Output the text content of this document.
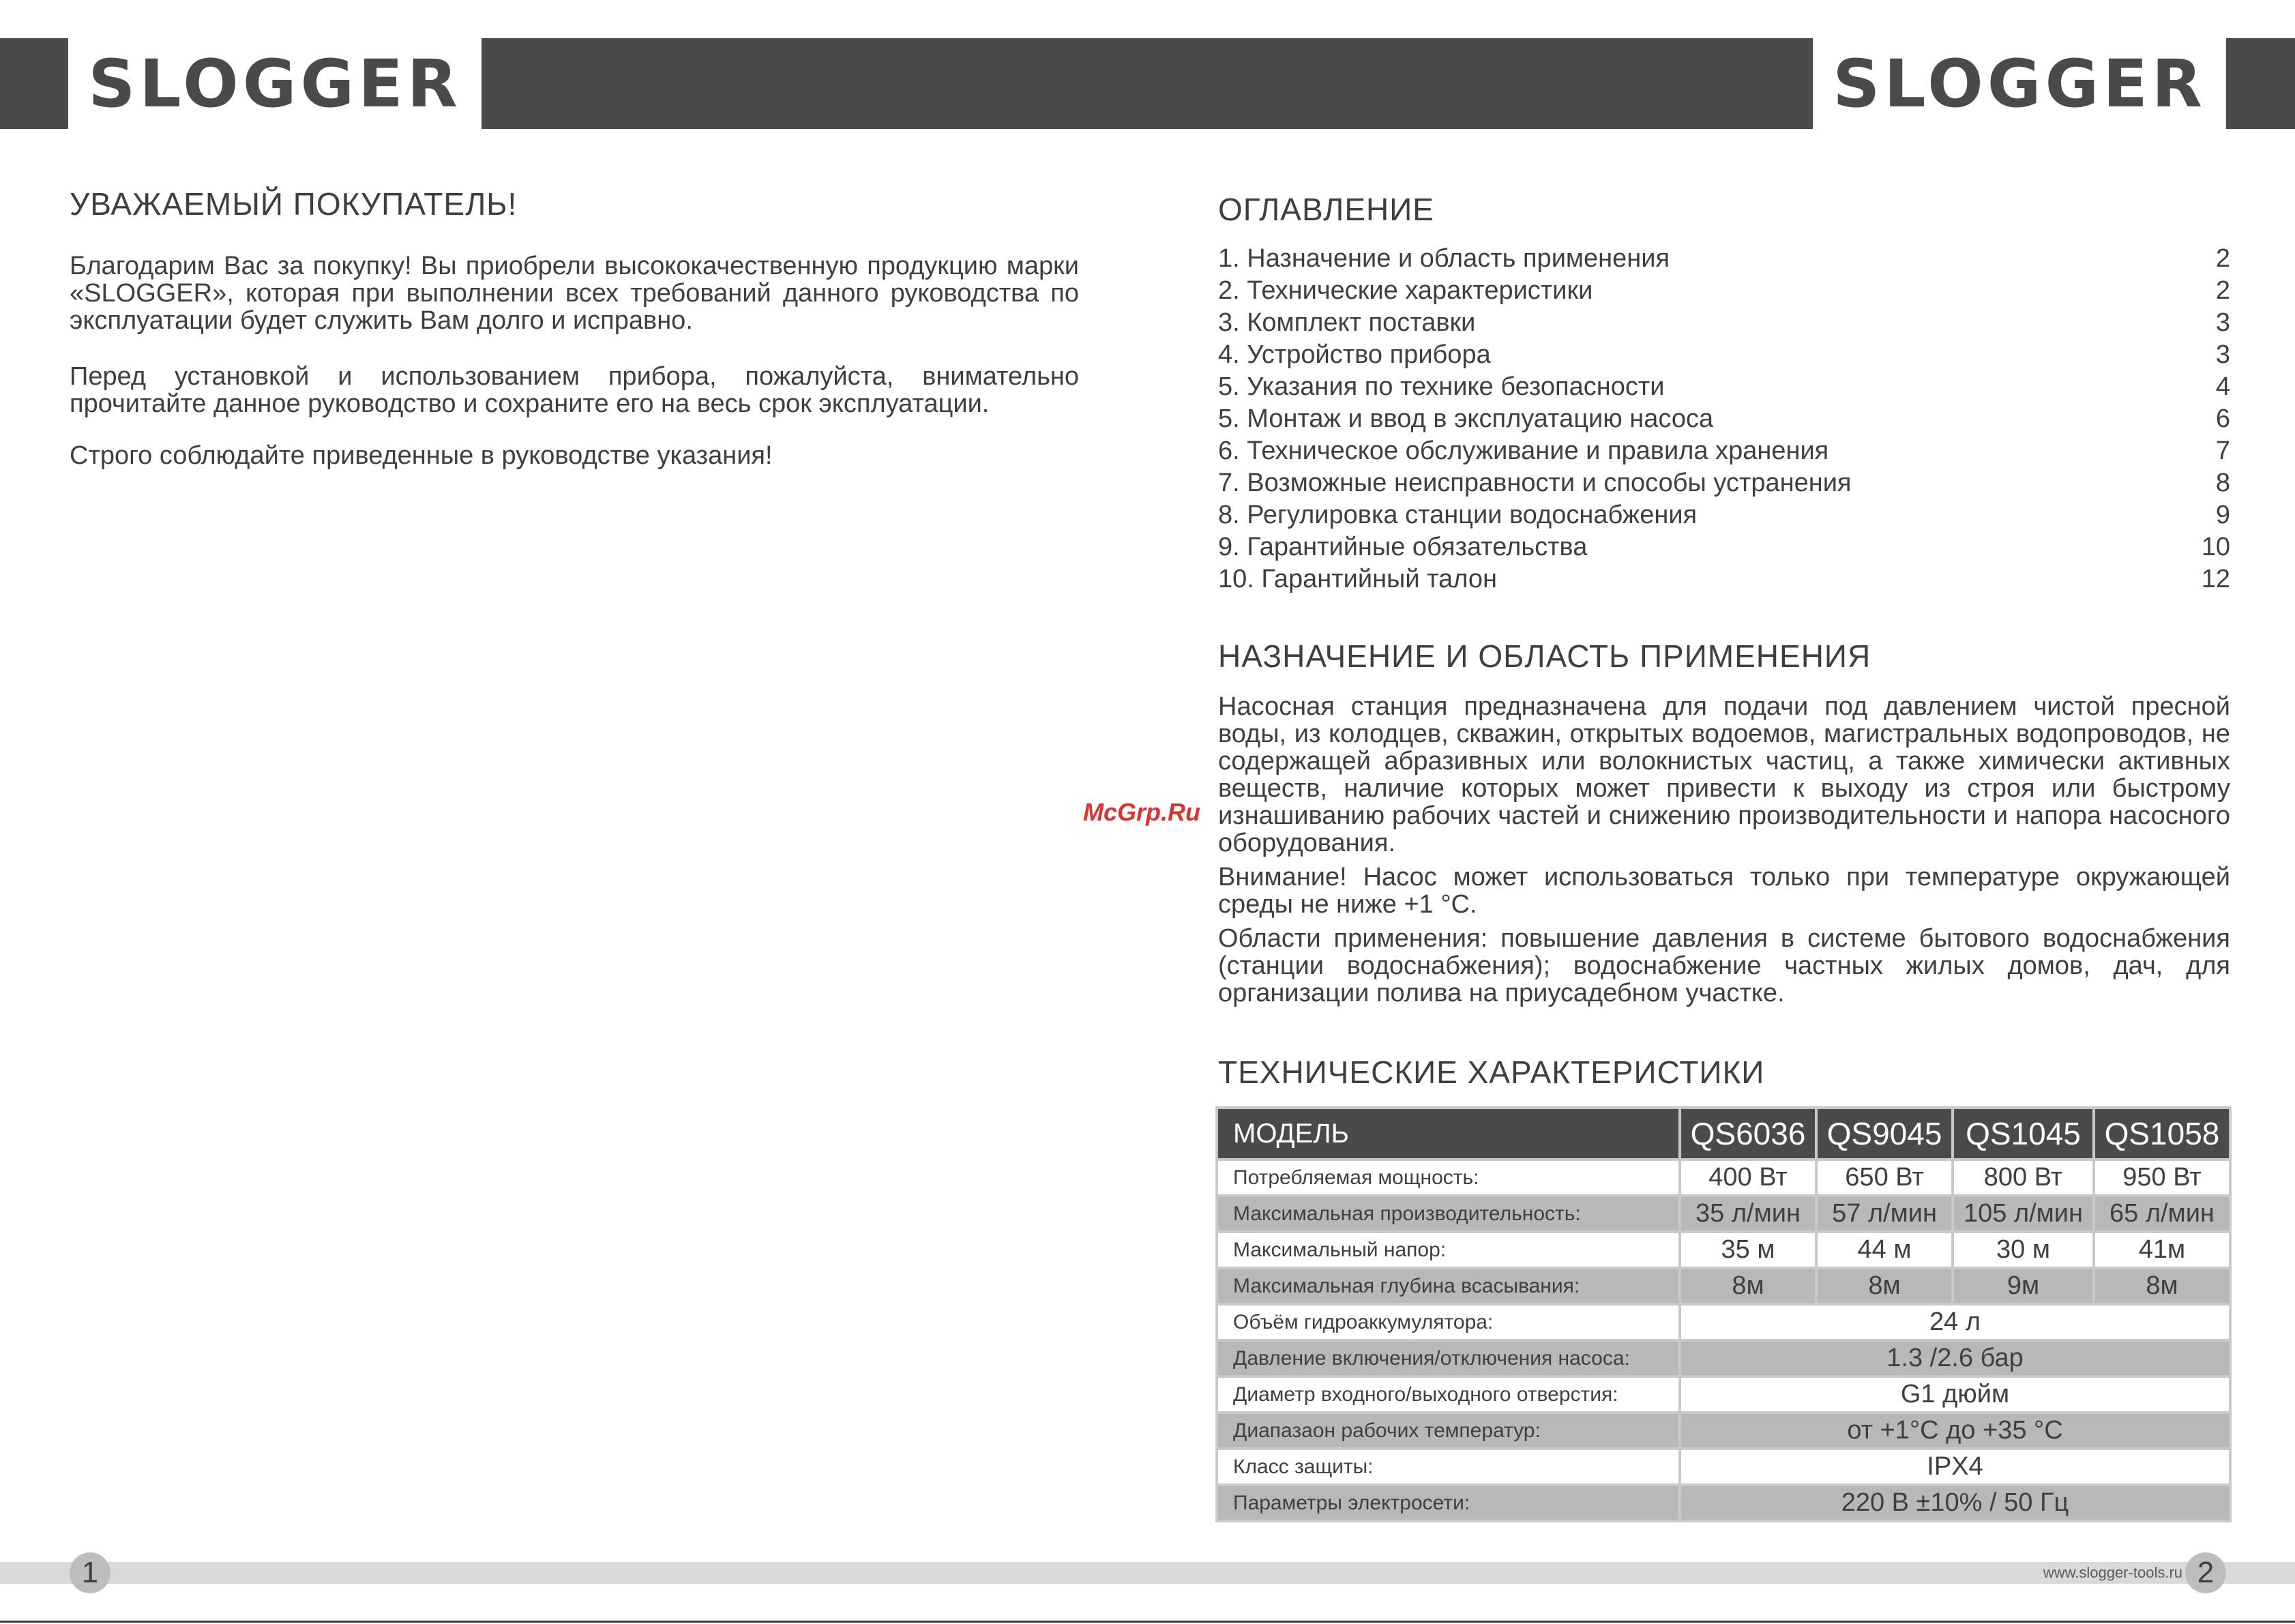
SLOGGER	SLOGGER
УВАЖАЕМЫЙ ПОКУПАТЕЛЬ!

Благодарим Вас за покупку! Вы приобрели высококачественную продукцию марки «SLOGGER», которая при выполнении всех требований данного руководства по эксплуатации будет служить Вам долго и исправно.

Перед установкой и использованием прибора, пожалуйста, внимательно прочитайте данное руководство и сохраните его на весь срок эксплуатации.

Строго соблюдайте приведенные в руководстве указания!

ОГЛАВЛЕНИЕ
1. Назначение и область применения	2
2. Технические характеристики	2
3. Комплект поставки	3
4. Устройство прибора	3
5. Указания по технике безопасности	4
5. Монтаж и ввод в эксплуатацию насоса	6
6. Техническое обслуживание и правила хранения	7
7. Возможные неисправности и способы устранения	8
8. Регулировка станции водоснабжения	9
9. Гарантийные обязательства	10
10. Гарантийный талон	12
НАЗНАЧЕНИЕ И ОБЛАСТЬ ПРИМЕНЕНИЯ

Насосная станция предназначена для подачи под давлением чистой пресной воды, из колодцев, скважин, открытых водоемов, магистральных водопроводов, не содержащей абразивных или волокнистых частиц, а также химически активных веществ, наличие которых может привести к выходу из строя или быстрому изнашиванию рабочих частей и снижению производительности и напора насосного оборудования.

Внимание! Насос может использоваться только при температуре окружающей среды не ниже +1 °С.

Области применения: повышение давления в системе бытового водоснабжения (станции водоснабжения); водоснабжение частных жилых домов, дач, для организации полива на приусадебном участке.

McGrp.Ru
ТЕХНИЧЕСКИЕ ХАРАКТЕРИСТИКИ
МОДЕЛЬ	QS6036	QS9045	QS1045	QS1058
Потребляемая мощность:	400 Вт	650 Вт	800 Вт	950 Вт
Максимальная производительность:	35 л/мин	57 л/мин	105 л/мин	65 л/мин
Максимальный напор:	35 м	44 м	30 м	41м
Максимальная глубина всасывания:	8м	8м	9м	8м
Объём гидроаккумулятора:	24 л			
Давление включения/отключения насоса:	1.3 /2.6 бар			
Диаметр входного/выходного отверстия:	G1 дюйм			
Диапазаон рабочих температур:	от +1°С до +35 °С			
Класс защиты:	IPX4			
Параметры электросети:	220 В ±10% / 50 Гц			
1	www.slogger-tools.ru 2
